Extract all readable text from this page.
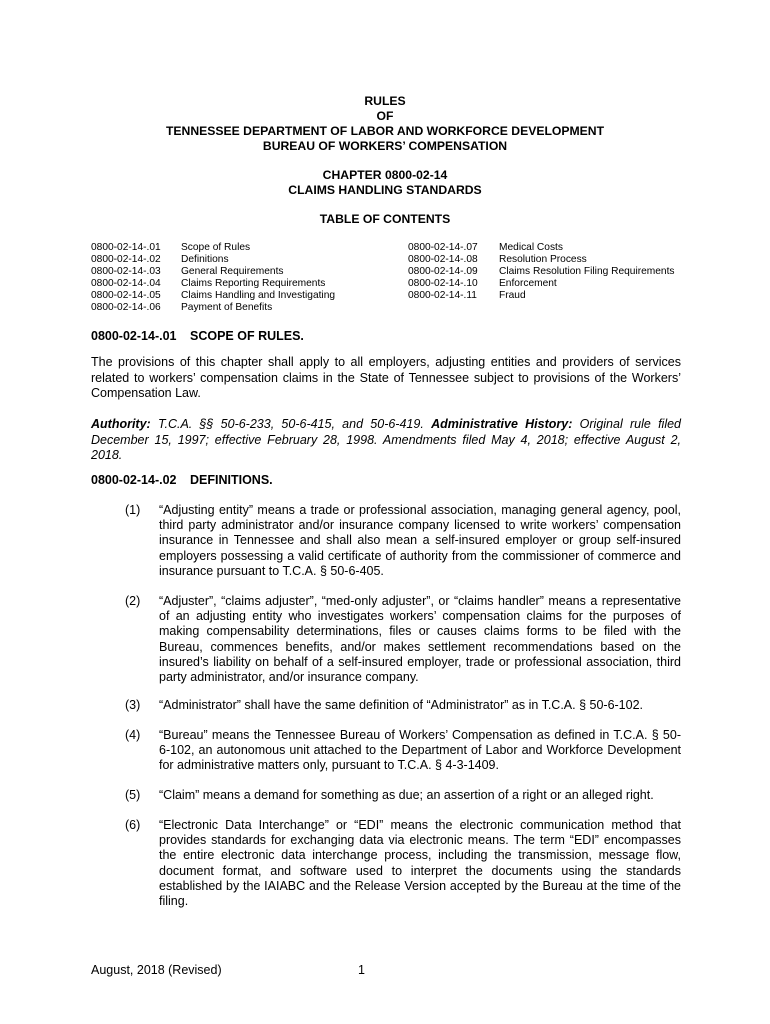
RULES
OF
TENNESSEE DEPARTMENT OF LABOR AND WORKFORCE DEVELOPMENT
BUREAU OF WORKERS’ COMPENSATION
CHAPTER 0800-02-14
CLAIMS HANDLING STANDARDS
TABLE OF CONTENTS
0800-02-14-.01
0800-02-14-.02
0800-02-14-.03
0800-02-14-.04
0800-02-14-.05
0800-02-14-.06
Scope of Rules
Definitions
General Requirements
Claims Reporting Requirements
Claims Handling and Investigating
Payment of Benefits
0800-02-14-.07
0800-02-14-.08
0800-02-14-.09
0800-02-14-.10
0800-02-14-.11
Medical Costs
Resolution Process
Claims Resolution Filing Requirements
Enforcement
Fraud
0800-02-14-.01 SCOPE OF RULES.
The provisions of this chapter shall apply to all employers, adjusting entities and providers of services related to workers’ compensation claims in the State of Tennessee subject to provisions of the Workers’ Compensation Law.
Authority: T.C.A. §§ 50-6-233, 50-6-415, and 50-6-419. Administrative History: Original rule filed December 15, 1997; effective February 28, 1998. Amendments filed May 4, 2018; effective August 2, 2018.
0800-02-14-.02 DEFINITIONS.
(1) “Adjusting entity” means a trade or professional association, managing general agency, pool, third party administrator and/or insurance company licensed to write workers’ compensation insurance in Tennessee and shall also mean a self-insured employer or group self-insured employers possessing a valid certificate of authority from the commissioner of commerce and insurance pursuant to T.C.A. § 50-6-405.
(2) “Adjuster”, “claims adjuster”, “med-only adjuster”, or “claims handler” means a representative of an adjusting entity who investigates workers’ compensation claims for the purposes of making compensability determinations, files or causes claims forms to be filed with the Bureau, commences benefits, and/or makes settlement recommendations based on the insured’s liability on behalf of a self-insured employer, trade or professional association, third party administrator, and/or insurance company.
(3) “Administrator” shall have the same definition of “Administrator” as in T.C.A. § 50-6-102.
(4) “Bureau” means the Tennessee Bureau of Workers’ Compensation as defined in T.C.A. § 50-6-102, an autonomous unit attached to the Department of Labor and Workforce Development for administrative matters only, pursuant to T.C.A. § 4-3-1409.
(5) “Claim” means a demand for something as due; an assertion of a right or an alleged right.
(6) “Electronic Data Interchange” or “EDI” means the electronic communication method that provides standards for exchanging data via electronic means. The term “EDI” encompasses the entire electronic data interchange process, including the transmission, message flow, document format, and software used to interpret the documents using the standards established by the IAIABC and the Release Version accepted by the Bureau at the time of the filing.
August, 2018 (Revised)	1
